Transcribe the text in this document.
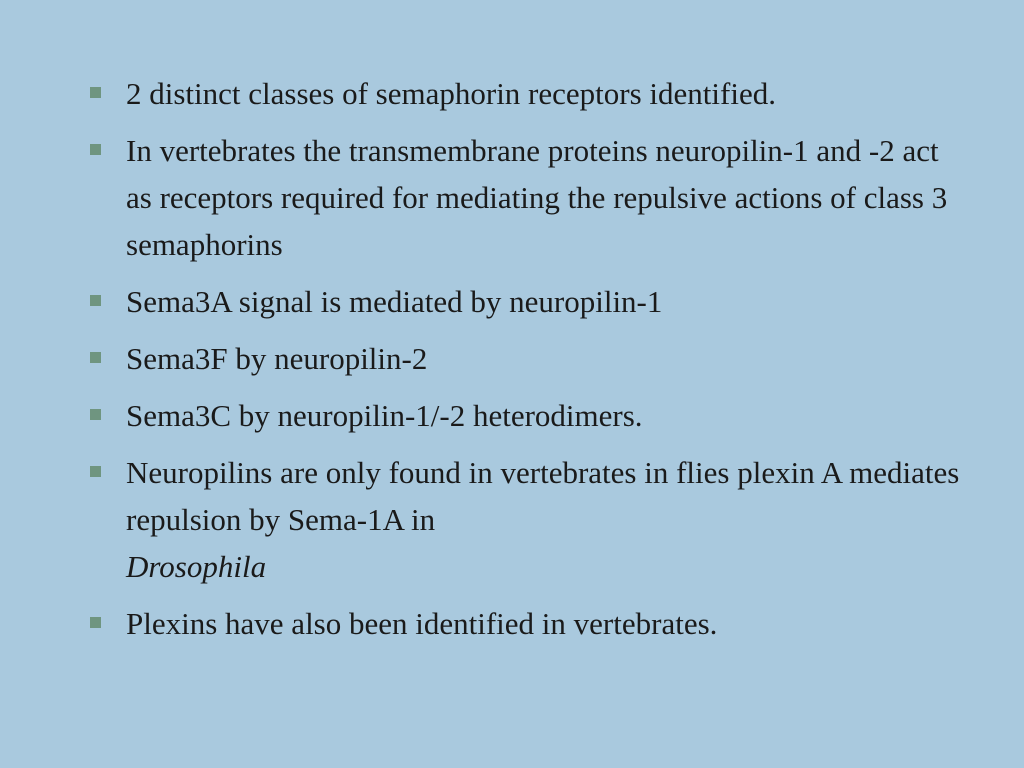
2 distinct classes of semaphorin receptors identified.
In vertebrates the transmembrane proteins neuropilin-1 and -2 act as receptors required for mediating the repulsive actions of class 3 semaphorins
Sema3A signal is mediated by neuropilin-1
Sema3F by neuropilin-2
Sema3C by neuropilin-1/-2 heterodimers.
Neuropilins are only found in vertebrates in flies plexin A mediates repulsion by Sema-1A in
Drosophila
Plexins have also been identified in vertebrates.
